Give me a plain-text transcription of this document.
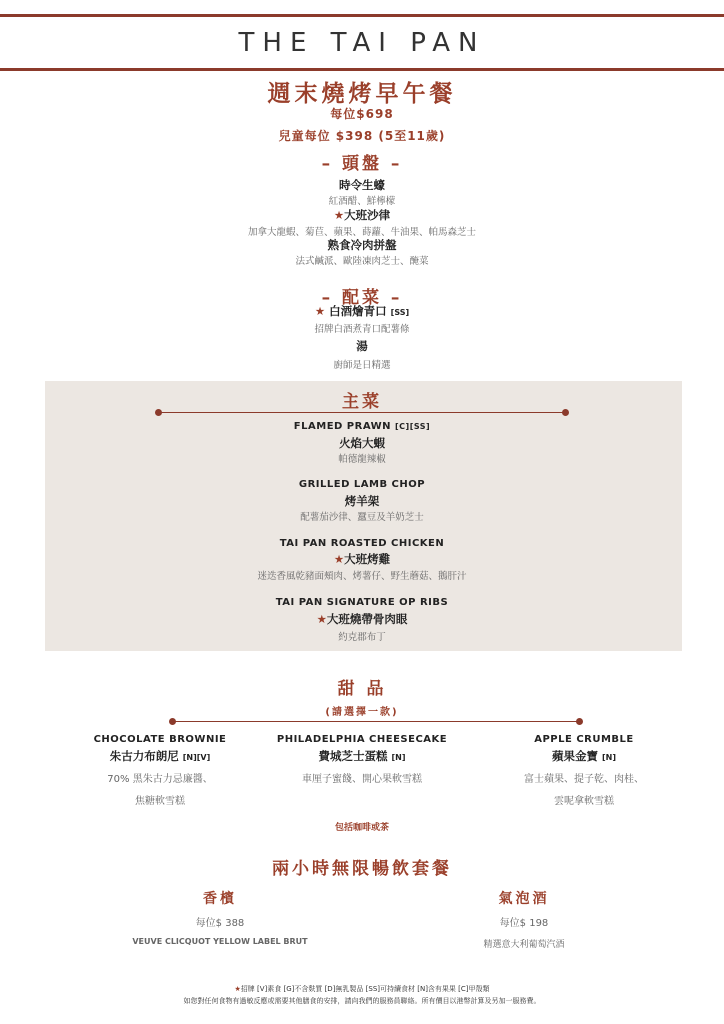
THE TAI PAN
週末燒烤早午餐
每位$698
兒童每位 $398 (5至11歲)
– 頭盤 –
時令生蠔
紅酒醋、鮮檸檬
★大班沙律
加拿大龍蝦、菊苣、蘋果、蒔蘿、牛油果、帕馬森芝士
熟食冷肉拼盤
法式鹹派、歐陸凍肉芝士、醃菜
– 配菜 –
★ 白酒燴青口 [SS]
招牌白酒煮青口配薯條
湯
廚師是日精選
主菜
FLAMED PRAWN [C][SS]
火焰大蝦
帕德龍辣椒
GRILLED LAMB CHOP
烤羊架
配薯茄沙律、蠶豆及羊奶芝士
TAI PAN ROASTED CHICKEN
★大班烤雞
迷迭香風乾豬面頰肉、烤薯仔、野生蘑菇、鵝肝汁
TAI PAN SIGNATURE OP RIBS
★大班燒帶骨肉眼
約克郡布丁
甜 品
(請選擇一款)
CHOCOLATE BROWNIE
朱古力布朗尼 [N][V]
70% 黑朱古力忌廉醬、
焦糖軟雪糕
PHILADELPHIA CHEESECAKE
費城芝士蛋糕 [N]
車厘子蜜餞、開心果軟雪糕
APPLE CRUMBLE
蘋果金寶 [N]
富士蘋果、提子乾、肉桂、
雲呢拿軟雪糕
包括咖啡或茶
兩小時無限暢飲套餐
香檳
每位$ 388
VEUVE CLICQUOT YELLOW LABEL BRUT
氣泡酒
每位$ 198
精選意大利葡萄汽酒
★招牌 [V]素食 [G]不含麩質 [D]無乳製品 [SS]可持續食材 [N]含有果果 [C]甲殼類
如您對任何食物有過敏反應或需要其他膳食的安排，請向我們的服務員聯絡。所有價目以港幣計算及另加一服務費。
